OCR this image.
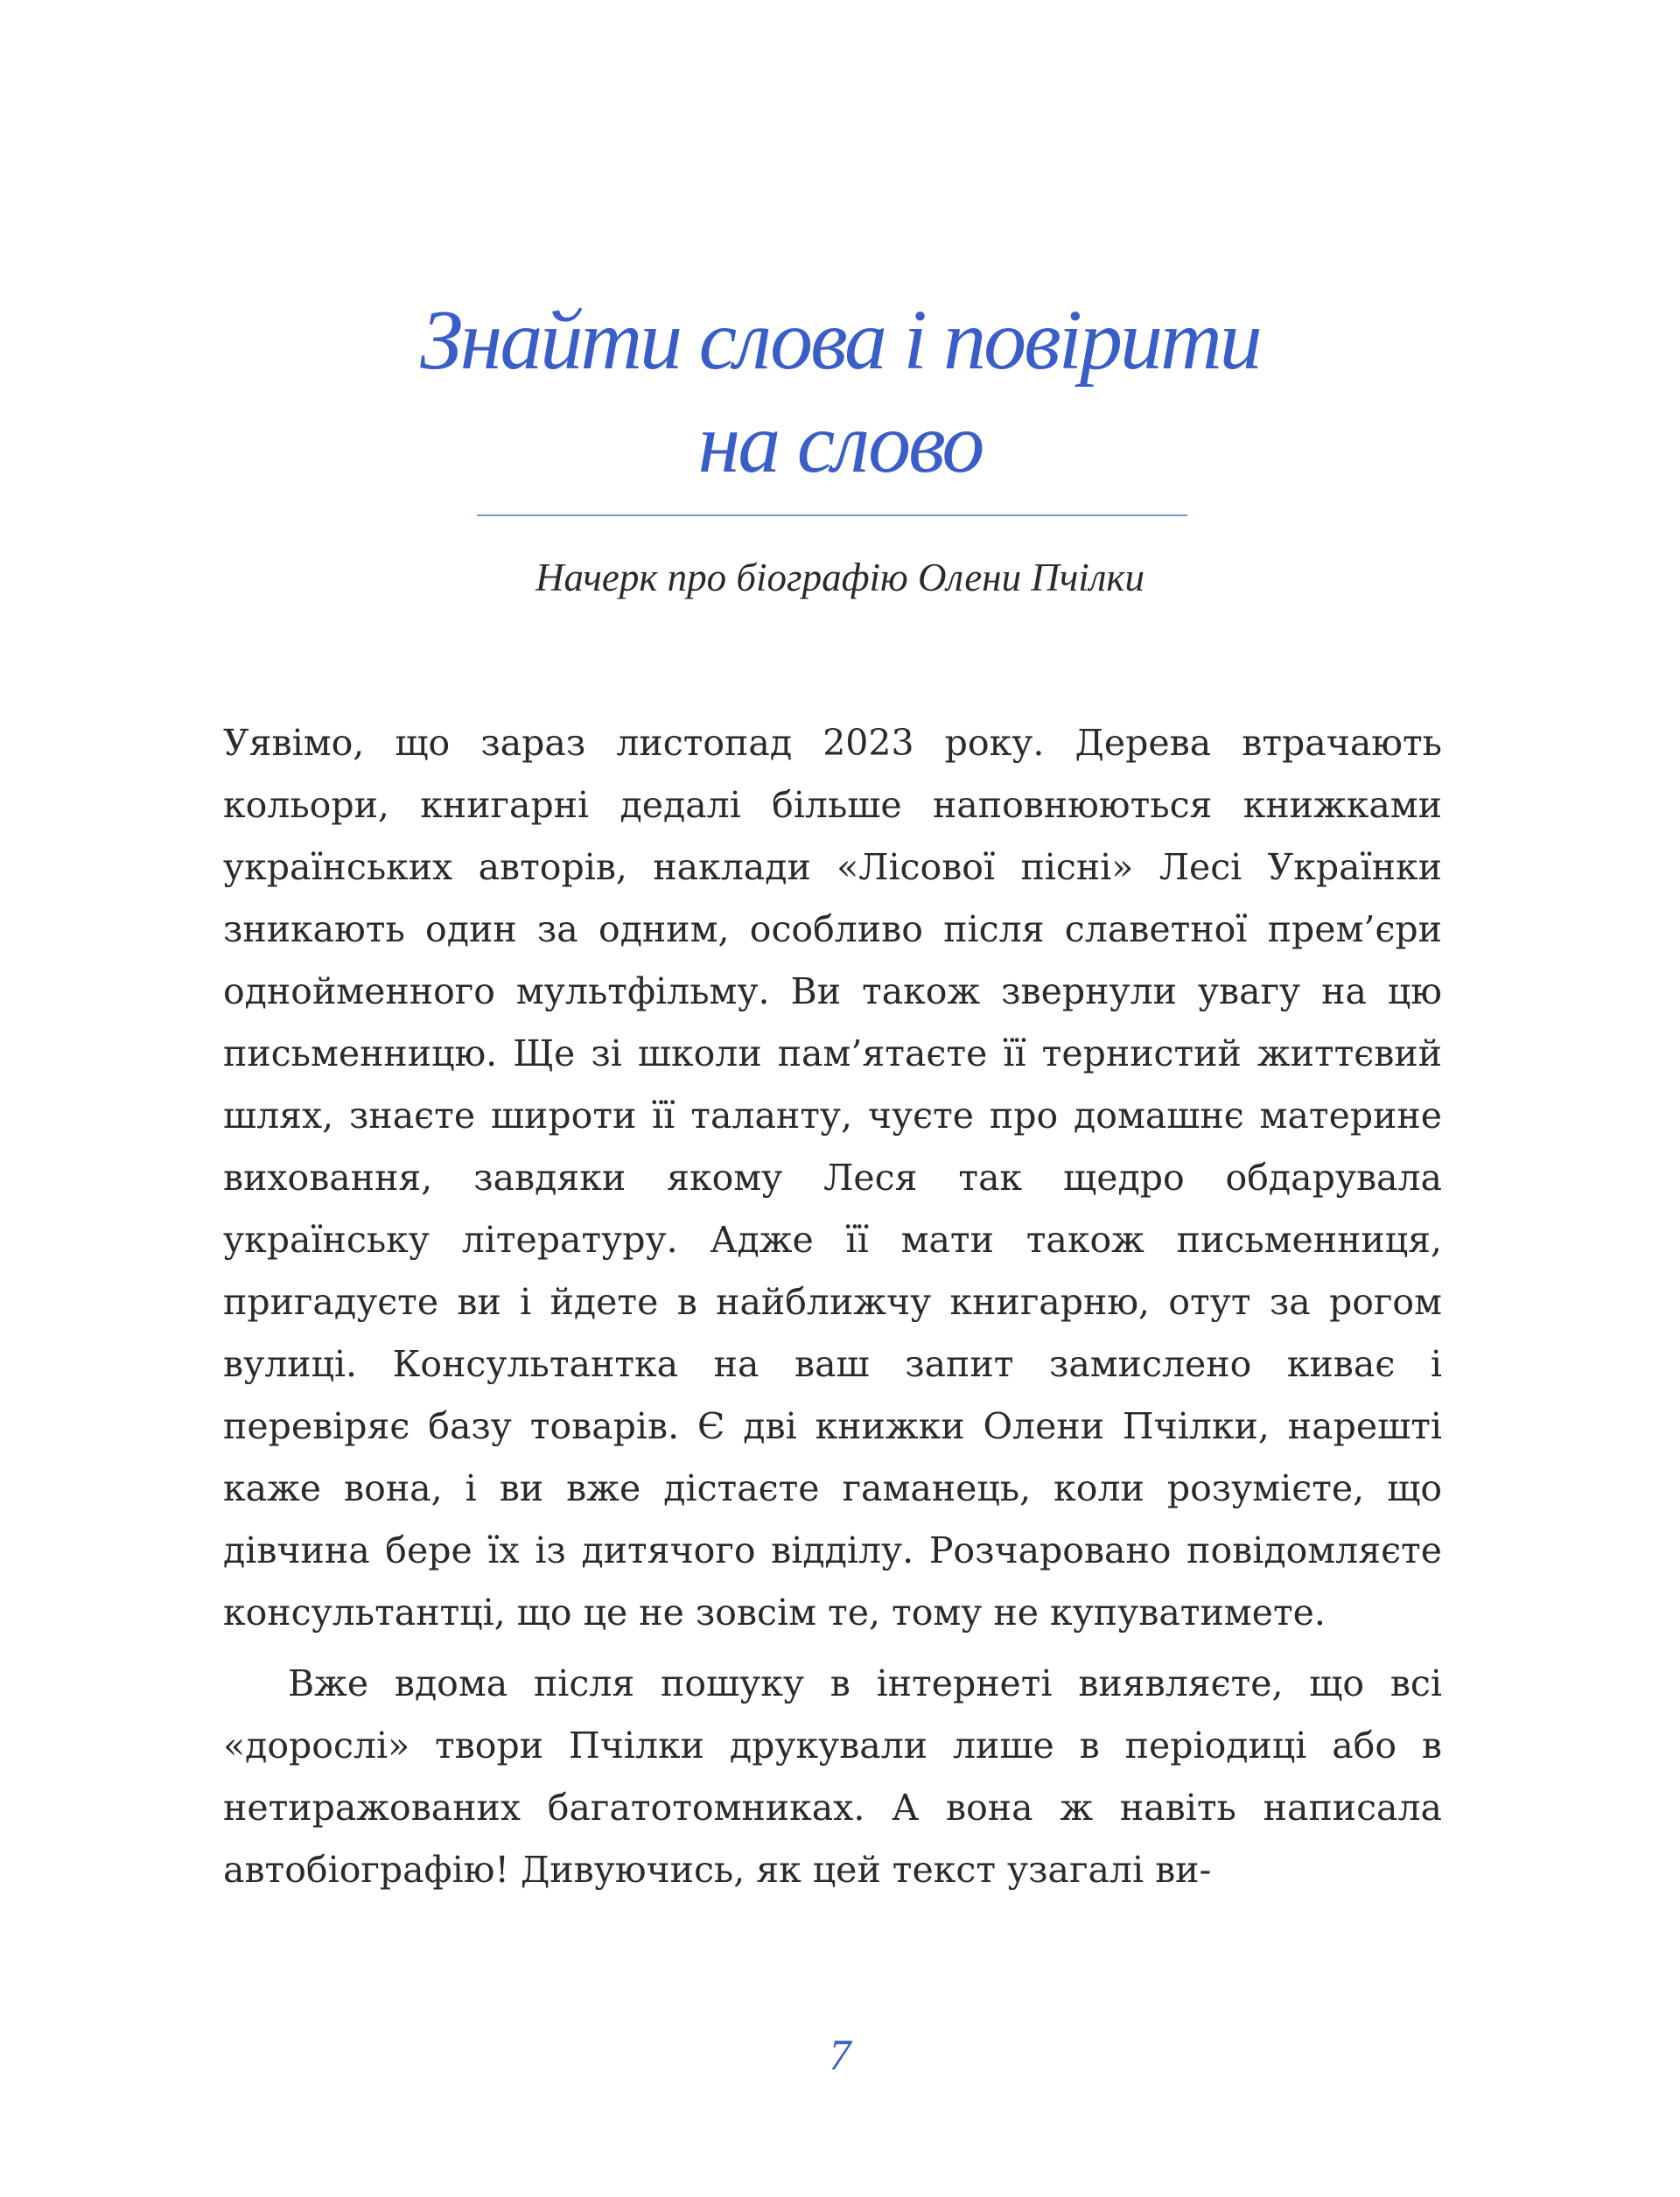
Знайти слова і повірити
на слово

Начерк про біографію Олени Пчілки

Уявімо, що зараз листопад 2023 року. Дерева втрачають кольори, книгарні дедалі більше наповнюються книжками українських авторів, наклади «Лісової пісні» Лесі Українки зникають один за одним, особливо після славетної прем’єри однойменного мультфільму. Ви також звернули увагу на цю письменницю. Ще зі школи пам’ятаєте її тернистий життєвий шлях, знаєте широти її таланту, чуєте про домашнє материне виховання, завдяки якому Леся так щедро обдарувала українську літературу. Адже її мати також письменниця, пригадуєте ви і йдете в найближчу книгарню, отут за рогом вулиці. Консультантка на ваш запит замислено киває і перевіряє базу товарів. Є дві книжки Олени Пчілки, нарешті каже вона, і ви вже дістаєте гаманець, коли розумієте, що дівчина бере їх із дитячого відділу. Розчаровано повідомляєте консультантці, що це не зовсім те, тому не купуватимете.

Вже вдома після пошуку в інтернеті виявляєте, що всі «дорослі» твори Пчілки друкували лише в періодиці або в нетиражованих багатотомниках. А вона ж навіть написала автобіографію! Дивуючись, як цей текст узагалі ви-

7
